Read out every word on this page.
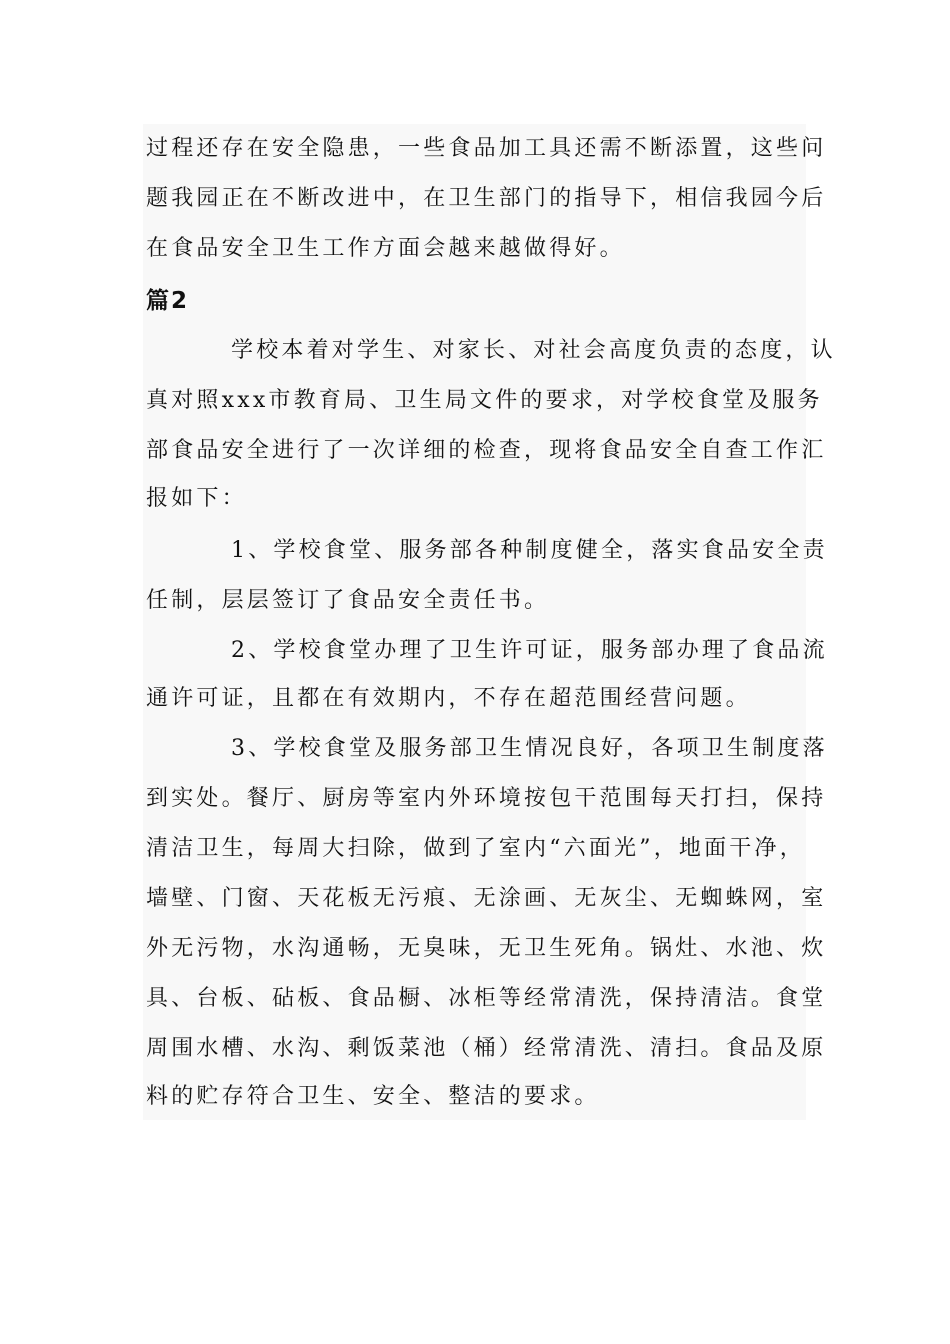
过程还存在安全隐患，一些食品加工具还需不断添置，这些问
题我园正在不断改进中，在卫生部门的指导下，相信我园今后
在食品安全卫生工作方面会越来越做得好。
篇2
学校本着对学生、对家长、对社会高度负责的态度，认
真对照xxx市教育局、卫生局文件的要求，对学校食堂及服务
部食品安全进行了一次详细的检查，现将食品安全自查工作汇
报如下：
1、学校食堂、服务部各种制度健全，落实食品安全责
任制，层层签订了食品安全责任书。
2、学校食堂办理了卫生许可证，服务部办理了食品流
通许可证，且都在有效期内，不存在超范围经营问题。
3、学校食堂及服务部卫生情况良好，各项卫生制度落
到实处。餐厅、厨房等室内外环境按包干范围每天打扫，保持
清洁卫生，每周大扫除，做到了室内“六面光”，地面干净，
墙壁、门窗、天花板无污痕、无涂画、无灰尘、无蜘蛛网，室
外无污物，水沟通畅，无臭味，无卫生死角。锅灶、水池、炊
具、台板、砧板、食品橱、冰柜等经常清洗，保持清洁。食堂
周围水槽、水沟、剩饭菜池（桶）经常清洗、清扫。食品及原
料的贮存符合卫生、安全、整洁的要求。
